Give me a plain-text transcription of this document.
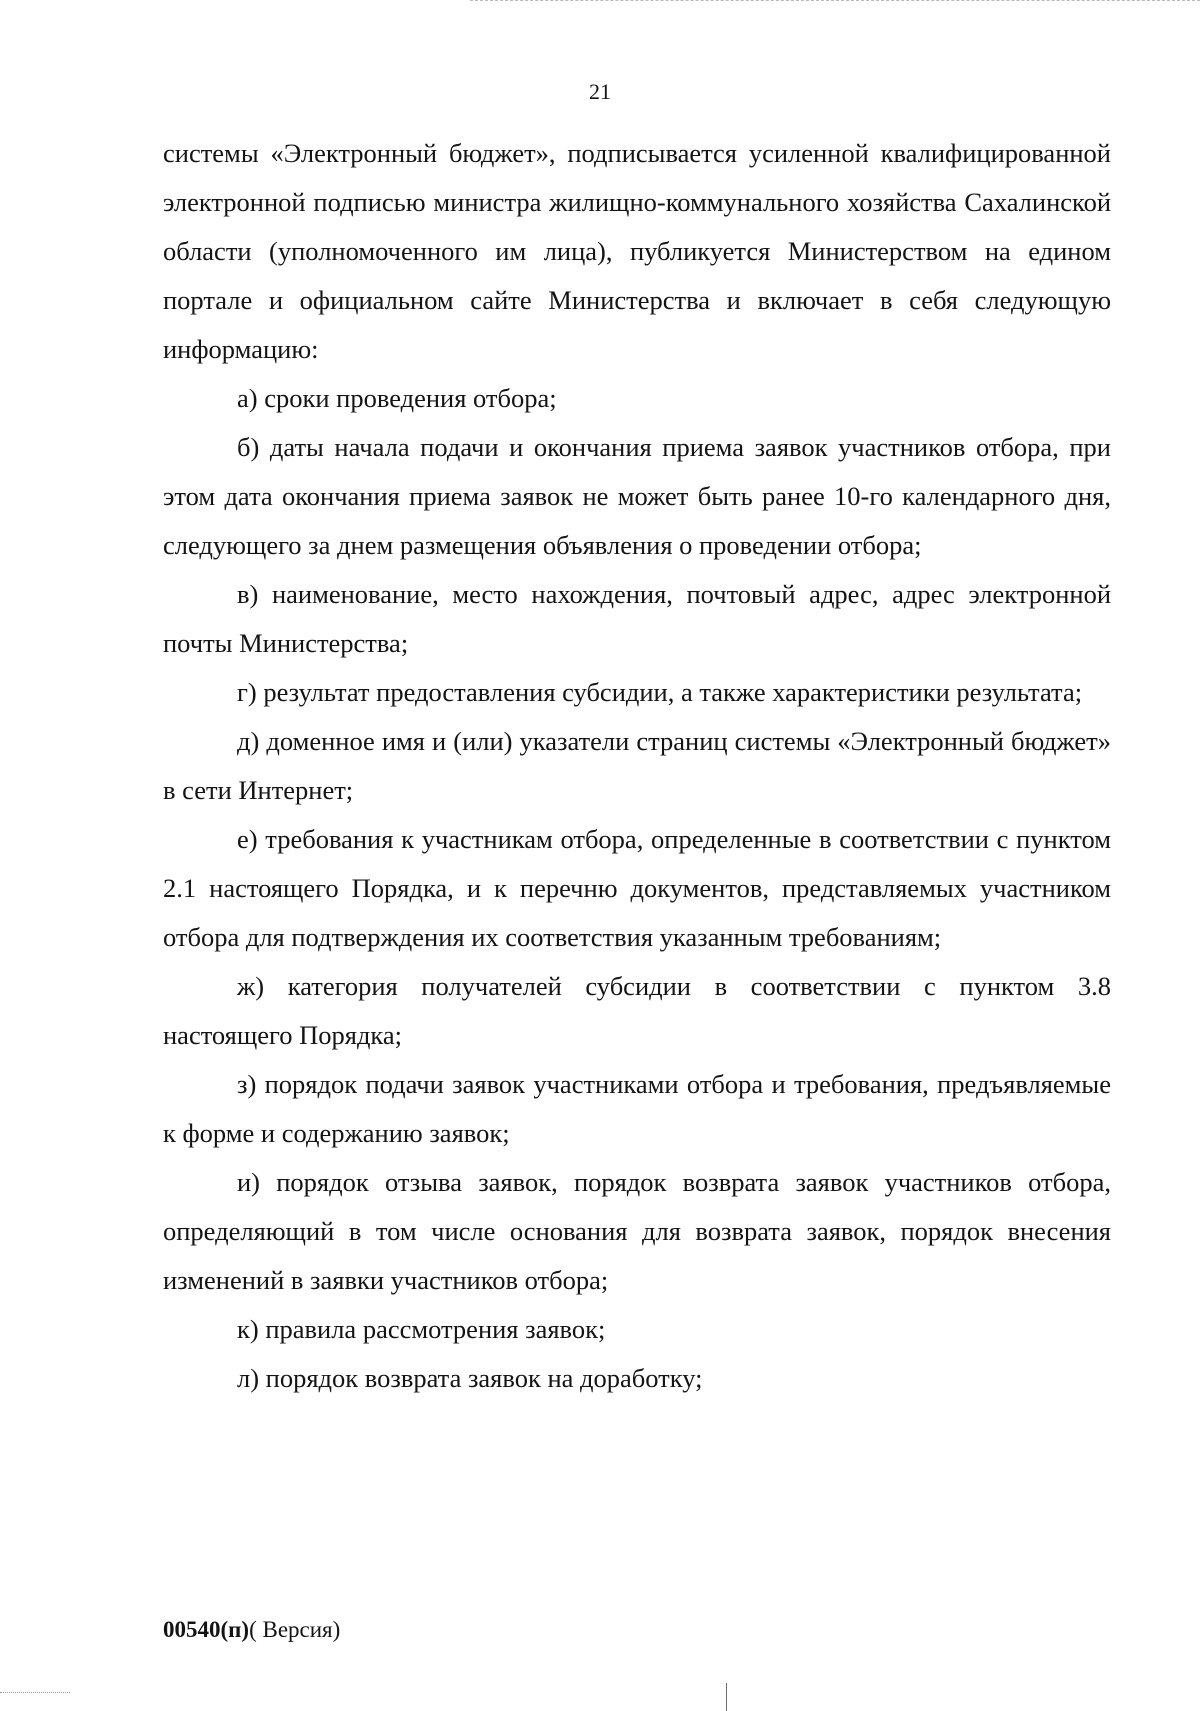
21

системы «Электронный бюджет», подписывается усиленной квалифицированной электронной подписью министра жилищно-коммунального хозяйства Сахалинской области (уполномоченного им лица), публикуется Министерством на едином портале и официальном сайте Министерства и включает в себя следующую информацию:

а) сроки проведения отбора;

б) даты начала подачи и окончания приема заявок участников отбора, при этом дата окончания приема заявок не может быть ранее 10-го календарного дня, следующего за днем размещения объявления о проведении отбора;

в) наименование, место нахождения, почтовый адрес, адрес электронной почты Министерства;

г) результат предоставления субсидии, а также характеристики результата;

д) доменное имя и (или) указатели страниц системы «Электронный бюджет» в сети Интернет;

е) требования к участникам отбора, определенные в соответствии с пунктом 2.1 настоящего Порядка, и к перечню документов, представляемых участником отбора для подтверждения их соответствия указанным требованиям;

ж) категория получателей субсидии в соответствии с пунктом 3.8 настоящего Порядка;

з) порядок подачи заявок участниками отбора и требования, предъявляемые к форме и содержанию заявок;

и) порядок отзыва заявок, порядок возврата заявок участников отбора, определяющий в том числе основания для возврата заявок, порядок внесения изменений в заявки участников отбора;

к) правила рассмотрения заявок;

л) порядок возврата заявок на доработку;

00540(п)( Версия)
